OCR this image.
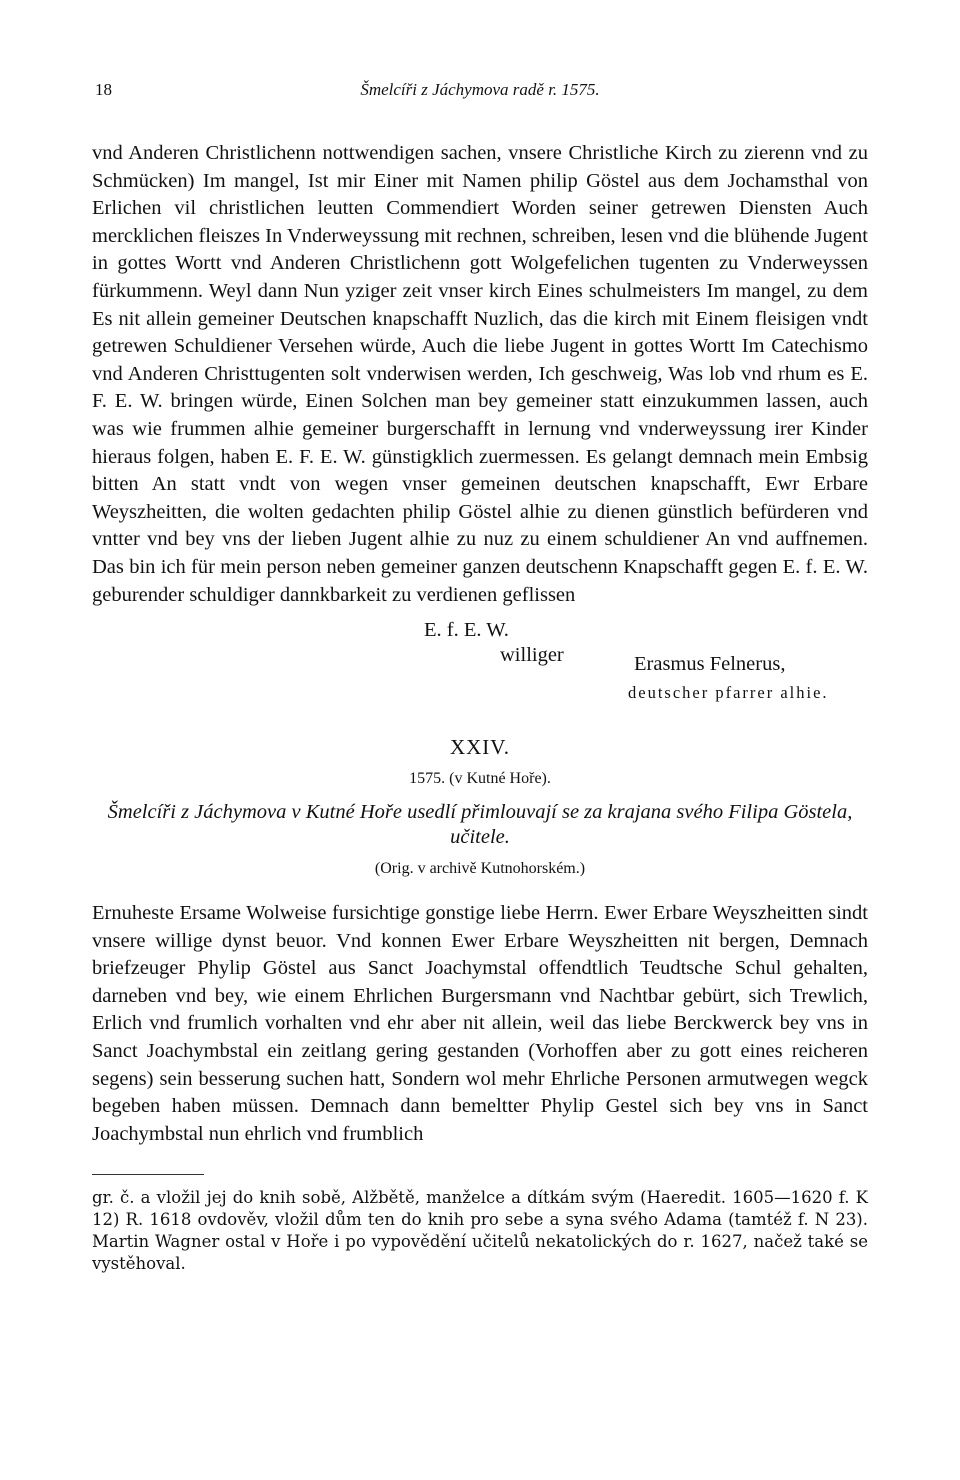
18	Šmelcíři z Jáchymova radě r. 1575.

vnd Anderen Christlichenn nottwendigen sachen, vnsere Christliche Kirch zu zierenn vnd zu Schmücken) Im mangel, Ist mir Einer mit Namen philip Göstel aus dem Jochamsthal von Erlichen vil christlichen leutten Commendiert Worden seiner getrewen Diensten Auch mercklichen fleiszes In Vnderweyssung mit rechnen, schreiben, lesen vnd die blühende Jugent in gottes Wortt vnd Anderen Christlichenn gott Wolgefelichen tugenten zu Vnderweyssen fürkummenn. Weyl dann Nun yziger zeit vnser kirch Eines schulmeisters Im mangel, zu dem Es nit allein gemeiner Deutschen knapschafft Nuzlich, das die kirch mit Einem fleisigen vndt getrewen Schuldiener Versehen würde, Auch die liebe Jugent in gottes Wortt Im Catechismo vnd Anderen Christtugenten solt vnderwisen werden, Ich geschweig, Was lob vnd rhum es E. F. E. W. bringen würde, Einen Solchen man bey gemeiner statt einzukummen lassen, auch was wie frummen alhie gemeiner burgerschafft in lernung vnd vnderweyssung irer Kinder hieraus folgen, haben E. F. E. W. günstigklich zuermessen. Es gelangt demnach mein Embsig bitten An statt vndt von wegen vnser gemeinen deutschen knapschafft, Ewr Erbare Weyszheitten, die wolten gedachten philip Göstel alhie zu dienen günstlich befürderen vnd vntter vnd bey vns der lieben Jugent alhie zu nuz zu einem schuldiener An vnd auffnemen. Das bin ich für mein person neben gemeiner ganzen deutschenn Knapschafft gegen E. f. E. W. geburender schuldiger dannkbarkeit zu verdienen geflissen

E. f. E. W.
williger	Erasmus Felnerus,
deutscher pfarrer alhie.
XXIV.
1575. (v Kutné Hoře).
Šmelcíři z Jáchymova v Kutné Hoře usedlí přimlouvají se za krajana svého Filipa Göstela, učitele.
(Orig. v archivě Kutnohorském.)

Ernuheste Ersame Wolweise fursichtige gonstige liebe Herrn. Ewer Erbare Weyszheitten sindt vnsere willige dynst beuor. Vnd konnen Ewer Erbare Weyszheitten nit bergen, Demnach briefzeuger Phylip Göstel aus Sanct Joachymstal offendtlich Teudtsche Schul gehalten, darneben vnd bey, wie einem Ehrlichen Burgersmann vnd Nachtbar gebürt, sich Trewlich, Erlich vnd frumlich vorhalten vnd ehr aber nit allein, weil das liebe Berckwerck bey vns in Sanct Joachymbstal ein zeitlang gering gestanden (Vorhoffen aber zu gott eines reicheren segens) sein besserung suchen hatt, Sondern wol mehr Ehrliche Personen armutwegen wegck begeben haben müssen. Demnach dann bemeltter Phylip Gestel sich bey vns in Sanct Joachymbstal nun ehrlich vnd frumblich

gr. č. a vložil jej do knih sobě, Alžbětě, manželce a dítkám svým (Haeredit. 1605—1620 f. K 12) R. 1618 ovdověv, vložil dům ten do knih pro sebe a syna svého Adama (tamtéž f. N 23). Martin Wagner ostal v Hoře i po vypovědění učitelů nekatolických do r. 1627, načež také se vystěhoval.
